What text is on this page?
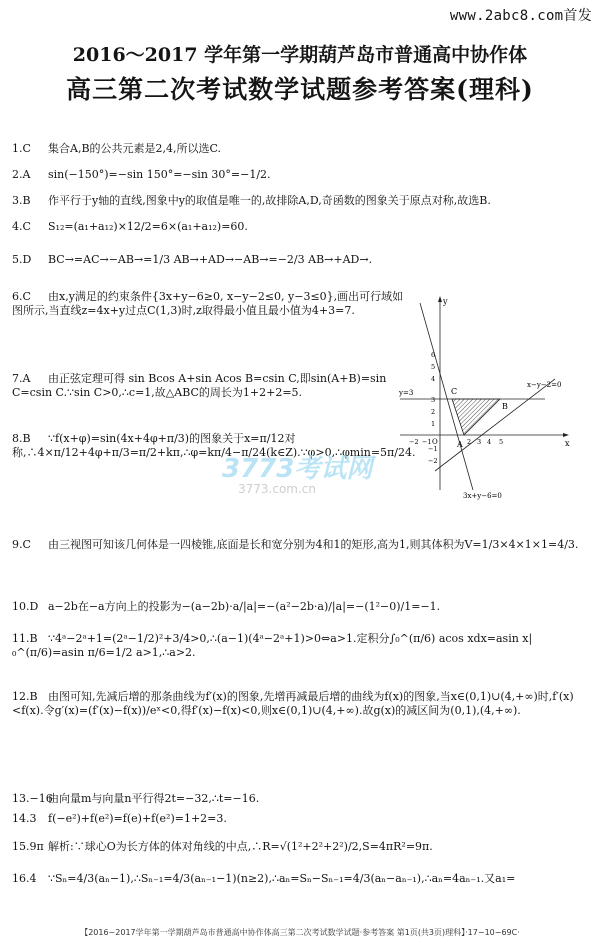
www.2abc8.com首发
2016～2017 学年第一学期葫芦岛市普通高中协作体
高三第二次考试数学试题参考答案(理科)
1.C 集合A,B的公共元素是2,4,所以选C.
2.A sin(−150°)=−sin 150°=−sin 30°=−1/2.
3.B 作平行于y轴的直线,图象中y的取值是唯一的,故排除A,D,奇函数的图象关于原点对称,故选B.
4.C S₁₂=(a₁+a₁₂)×12/2=6×(a₁+a₁₂)=60.
5.D BC→=AC→−AB→=1/3 AB→+AD→−AB→=−2/3 AB→+AD→.
6.C 由x,y满足的约束条件{3x+y−6≥0, x−y−2≤0, y−3≤0},画出可行域如图所示,当直线z=4x+y过点C(1,3)时,z取得最小值且最小值为4+3=7.
7.A 由正弦定理可得 sin Bcos A+sin Acos B=csin C,即sin(A+B)=sin C=csin C.∵sin C>0,∴c=1,故△ABC的周长为1+2+2=5.
8.B ∵f(x+φ)=sin(4x+4φ+π/3)的图象关于x=π/12对称,∴4×π/12+4φ+π/3=π/2+kπ,∴φ=kπ/4−π/24(k∈Z).∵φ>0,∴φmin=5π/24.
9.C 由三视图可知该几何体是一四棱锥,底面是长和宽分别为4和1的矩形,高为1,则其体积为V=1/3×4×1×1=4/3.
10.D a−2b在−a方向上的投影为−(a−2b)·a/|a|=−(a²−2b·a)/|a|=−(1²−0)/1=−1.
11.B ∵4ᵃ−2ᵃ+1=(2ᵃ−1/2)²+3/4>0,∴(a−1)(4ᵃ−2ᵃ+1)>0⇔a>1.定积分∫₀^(π/6) acos xdx=asin x|₀^(π/6)=asin π/6=1/2 a>1,∴a>2.
12.B 由图可知,先减后增的那条曲线为f′(x)的图象,先增再减最后增的曲线为f(x)的图象,当x∈(0,1)∪(4,+∞)时,f′(x)<f(x).令g′(x)=(f′(x)−f(x))/eˣ<0,得f′(x)−f(x)<0,则x∈(0,1)∪(4,+∞).故g(x)的减区间为(0,1),(4,+∞).
13.−16由向量m与向量n平行得2t=−32,∴t=−16.
14.3 f(−e²)+f(e²)=f(e)+f(e²)=1+2=3.
15.9π 解析:∵球心O为长方体的体对角线的中点,∴R=√(1²+2²+2²)/2,S=4πR²=9π.
16.4 ∵Sₙ=4/3(aₙ−1),∴Sₙ₋₁=4/3(aₙ₋₁−1)(n≥2),∴aₙ=Sₙ−Sₙ₋₁=4/3(aₙ−aₙ₋₁),∴aₙ=4aₙ₋₁.又a₁=
y
x
O
C
B
A
y=3
x−y−2=0
3x+y−6=0
6
5
4
3
2
1
−1
−2
−2 −1	2 3 4 5
3773考试网
3773.com.cn
【2016~2017学年第一学期葫芦岛市普通高中协作体高三第二次考试数学试题·参考答案 第1页(共3页)理科】·17−10−69C·
